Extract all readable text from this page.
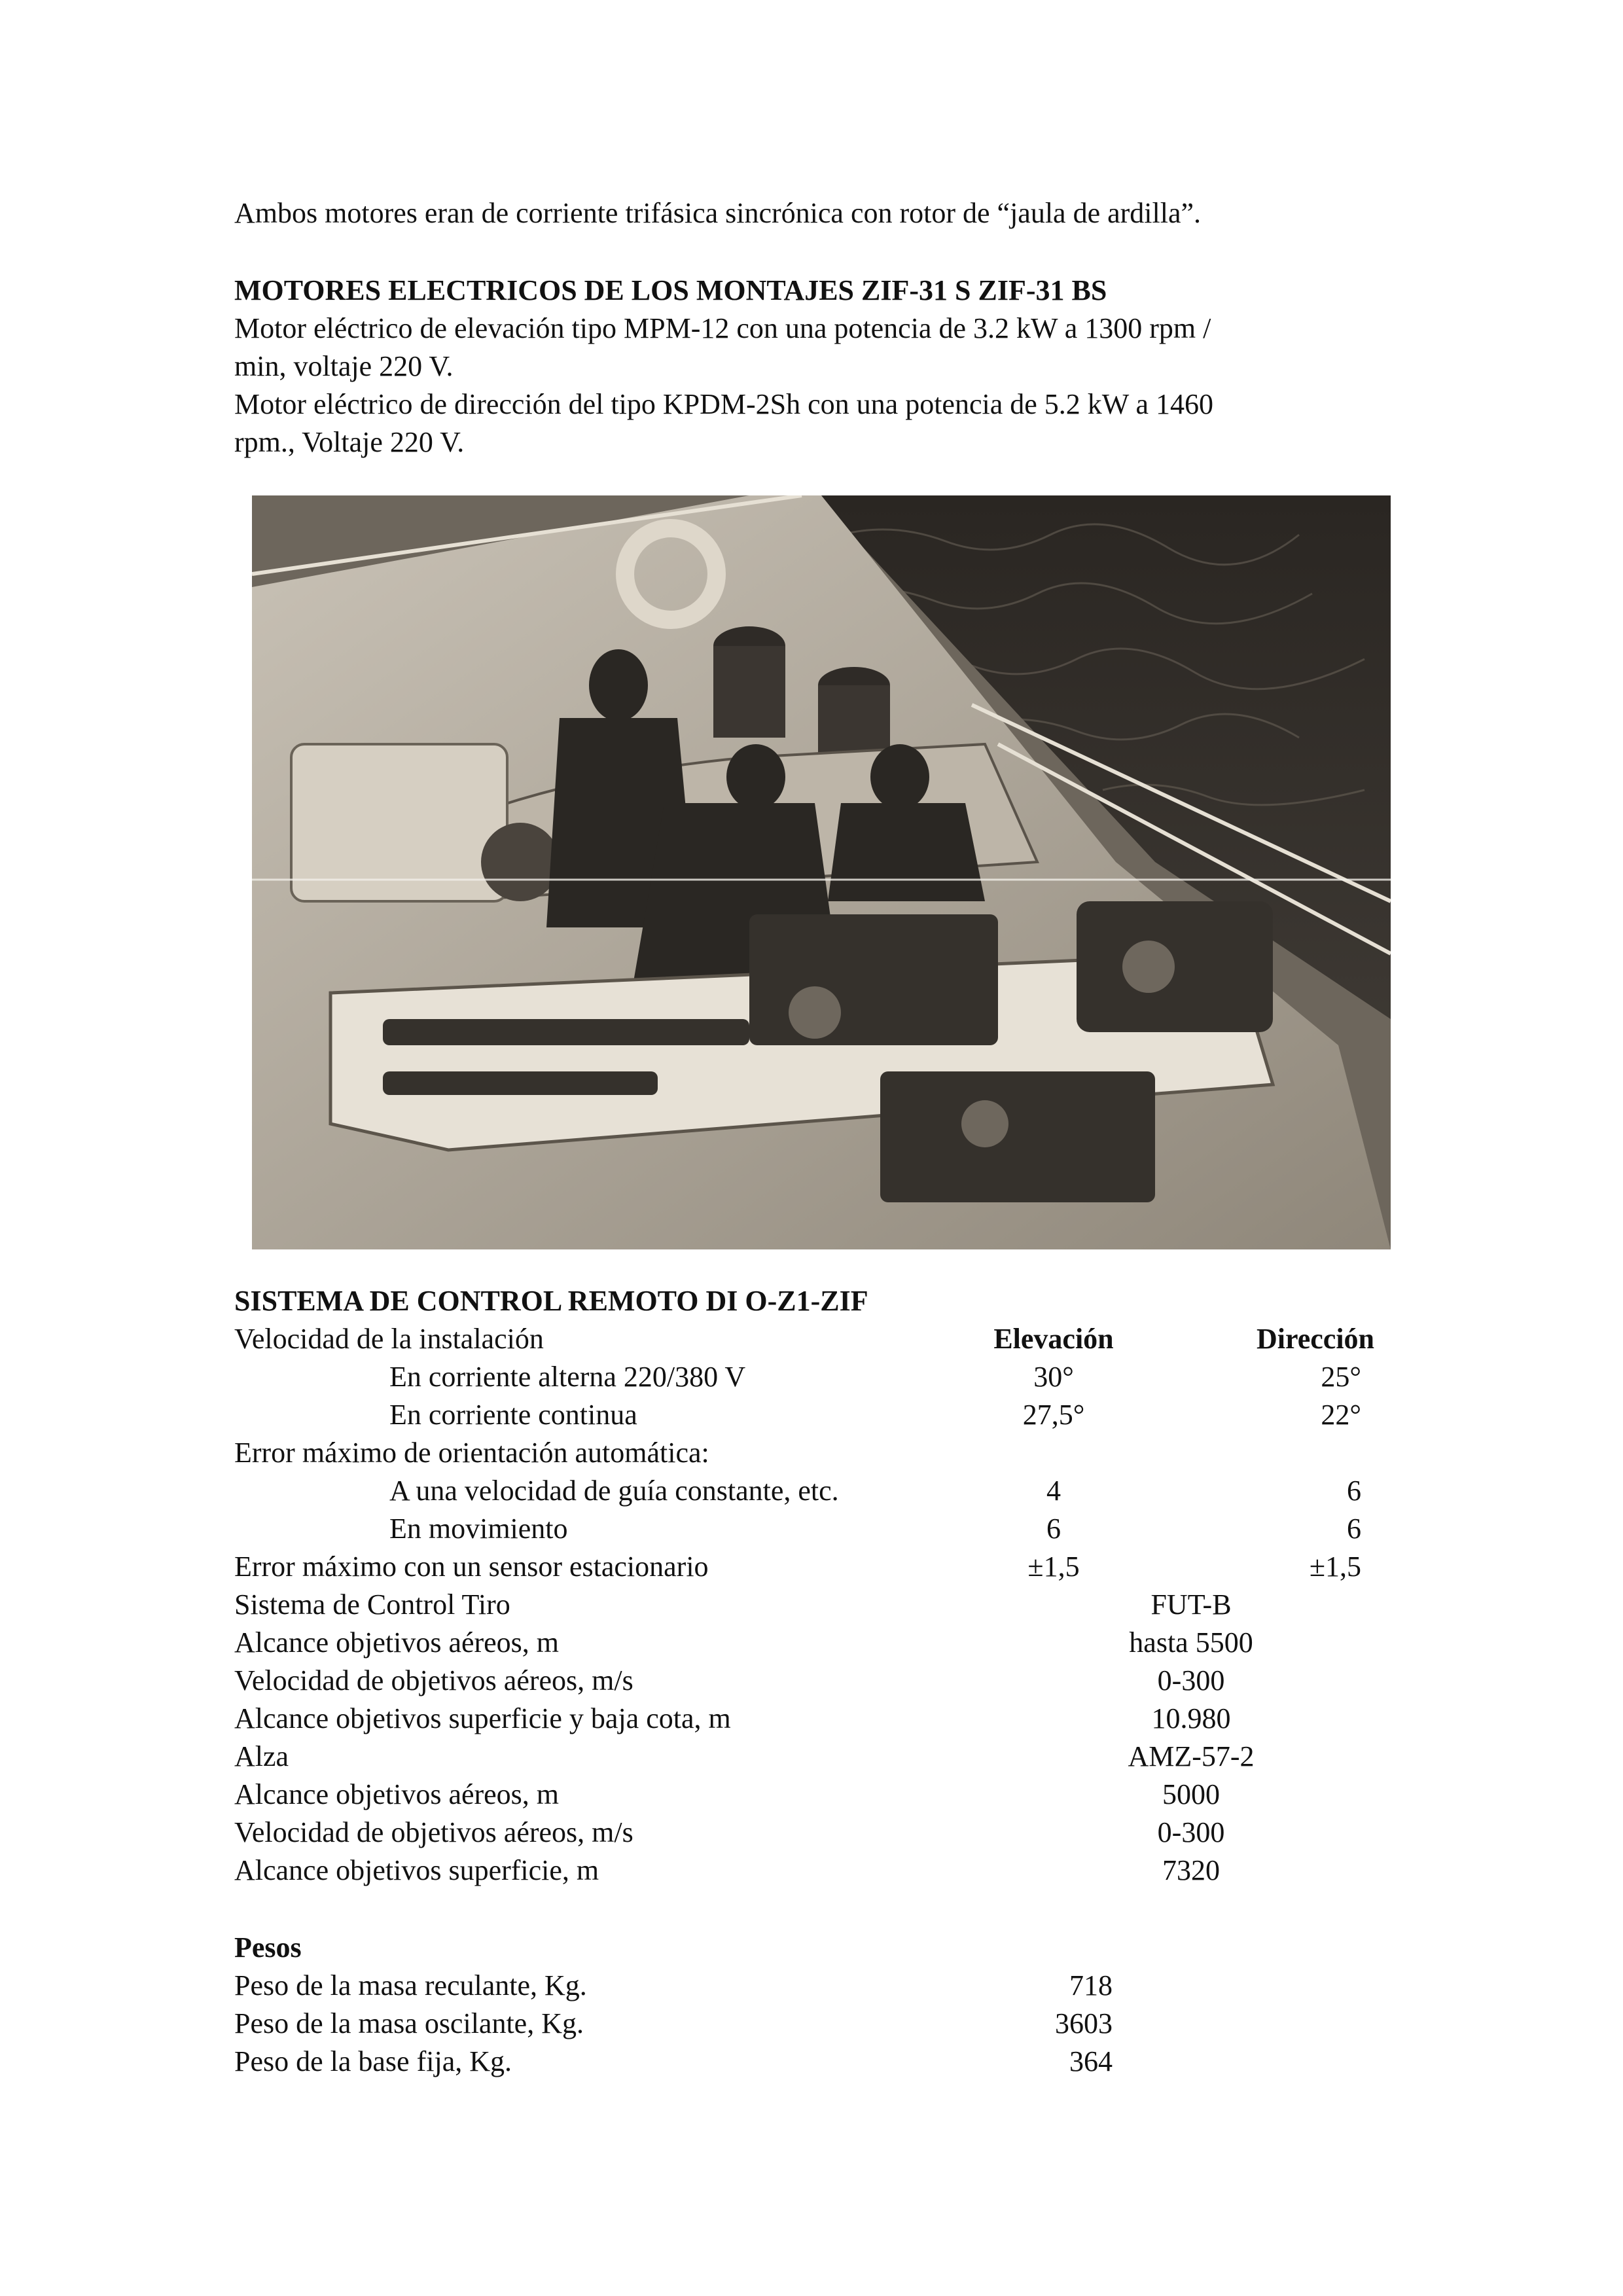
Ambos motores eran de corriente trifásica sincrónica con rotor de “jaula de ardilla”.
MOTORES ELECTRICOS DE LOS MONTAJES ZIF-31 S ZIF-31 BS
Motor eléctrico de elevación tipo MPM-12 con una potencia de 3.2 kW a 1300 rpm /
min, voltaje 220 V.
Motor eléctrico de dirección del tipo KPDM-2Sh con una potencia de 5.2 kW a 1460
rpm., Voltaje 220 V.
SISTEMA DE CONTROL REMOTO DI O-Z1-ZIF
Velocidad de la instalación	Elevación	Dirección
En corriente alterna 220/380 V	30°	25°
En corriente continua	27,5°	22°
Error máximo de orientación automática:
A una velocidad de guía constante, etc.	4	6
En movimiento	6	6
Error máximo con un sensor estacionario	±1,5	±1,5
Sistema de Control Tiro	FUT-B
Alcance objetivos aéreos, m	hasta 5500
Velocidad de objetivos aéreos, m/s	0-300
Alcance objetivos superficie y baja cota, m	10.980
Alza	AMZ-57-2
Alcance objetivos aéreos, m	5000
Velocidad de objetivos aéreos, m/s	0-300
Alcance objetivos superficie, m	7320
Pesos
Peso de la masa reculante, Kg.	718
Peso de la masa oscilante, Kg.	3603
Peso de la base fija, Kg.	364
